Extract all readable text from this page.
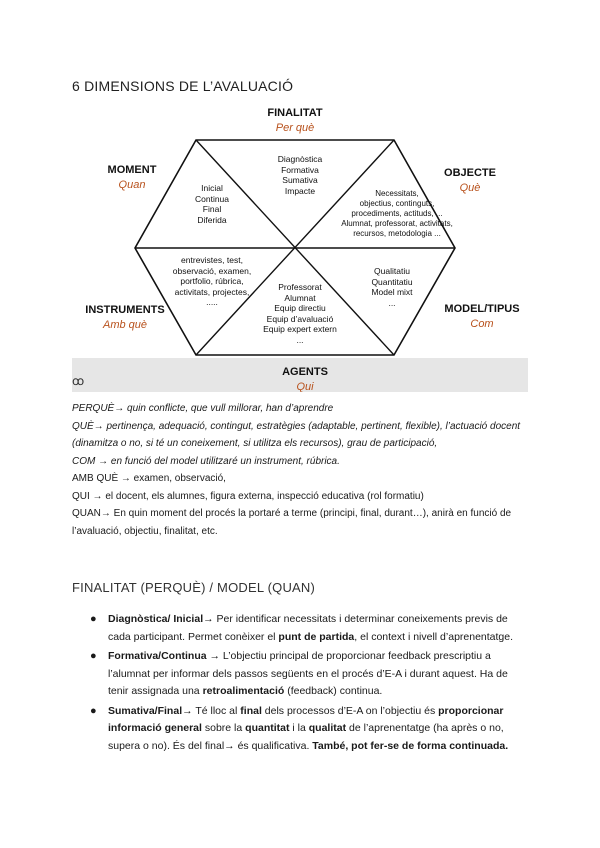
6 DIMENSIONS DE L’AVALUACIÓ
FINALITAT
Per què
MOMENT
Quan
OBJECTE
Què
INSTRUMENTS
Amb què
MODEL/TIPUS
Com
AGENTS
Qui
Diagnòstica
Formativa
Sumativa
Impacte
Inicial
Continua
Final
Diferida
Necessitats,
objectius, continguts,
procediments, actituds, ...
Alumnat, professorat, activitats,
recursos, metodologia ...
entrevistes, test,
observació, examen,
portfolio, rúbrica,
activitats, projectes,
.....
Professorat
Alumnat
Equip directiu
Equip d’avaluació
Equip expert extern
...
Qualitatiu
Quantitatiu
Model mixt
...
ꝏ
PERQUÈ→ quin conflicte, que vull millorar, han d’aprendre
QUÈ→ pertinença, adequació, contingut, estratègies (adaptable, pertinent, flexible), l’actuació docent (dinamitza o no, si té un coneixement, si utilitza els recursos), grau de participació,
COM → en funció del model utilitzaré un instrument, rúbrica.
AMB QUÈ → examen, observació,
QUI → el docent, els alumnes, figura externa, inspecció educativa (rol formatiu)
QUAN→ En quin moment del procés la portaré a terme (principi, final, durant…), anirà en funció de l’avaluació, objectiu, finalitat, etc.
FINALITAT (PERQUÈ) / MODEL (QUAN)
● Diagnòstica/ Inicial→ Per identificar necessitats i determinar coneixements previs de cada participant. Permet conèixer el punt de partida, el context i nivell d’aprenentatge.
● Formativa/Continua → L’objectiu principal de proporcionar feedback prescriptiu a l’alumnat per informar dels passos següents en el procés d’E-A i durant aquest. Ha de tenir assignada una retroalimentació (feedback) continua.
● Sumativa/Final→ Té lloc al final dels processos d’E-A on l’objectiu és proporcionar informació general sobre la quantitat i la qualitat de l’aprenentatge (ha après o no, supera o no). És del final→ és qualificativa. També, pot fer-se de forma continuada.
